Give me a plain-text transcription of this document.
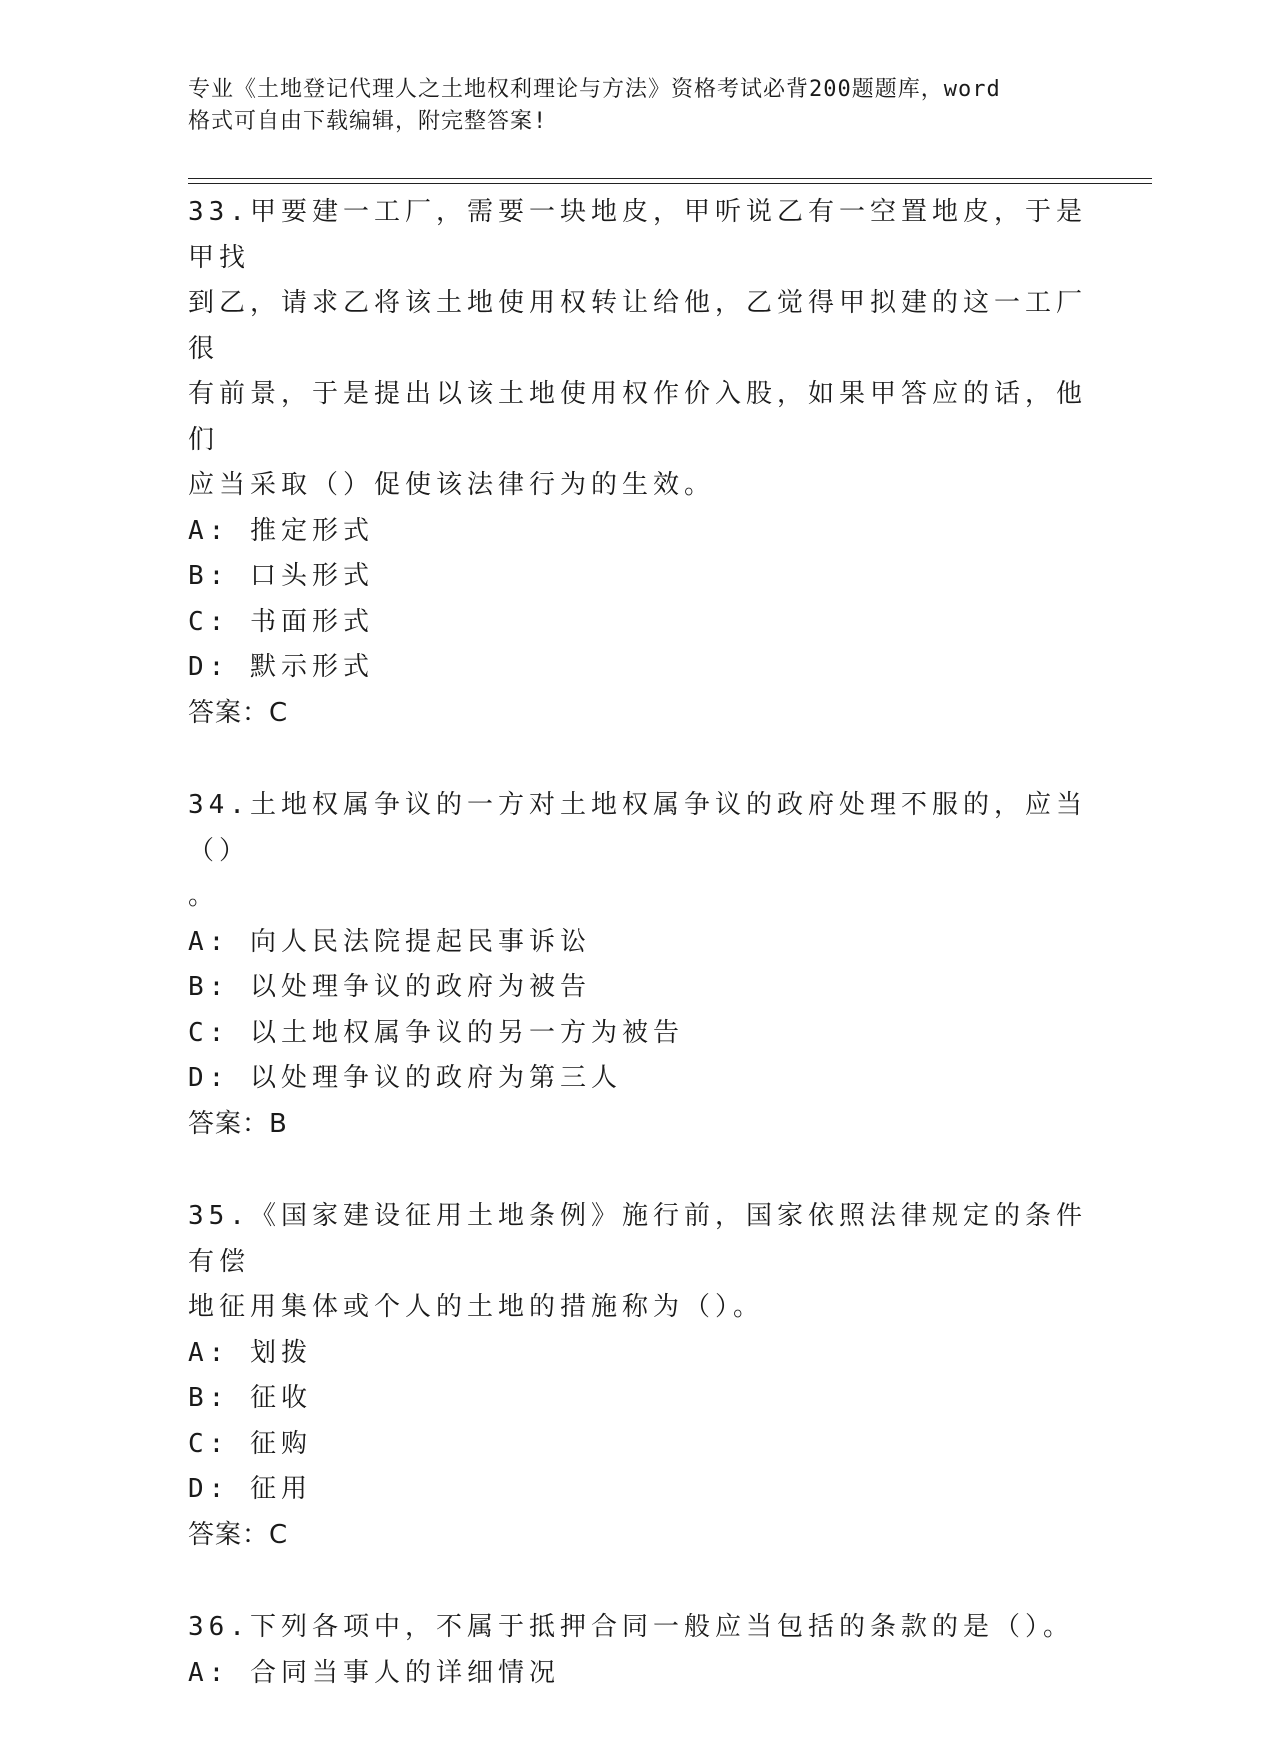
专业《土地登记代理人之土地权利理论与方法》资格考试必背200题题库，word
格式可自由下载编辑，附完整答案!
33.甲要建一工厂，需要一块地皮，甲听说乙有一空置地皮，于是甲找
到乙，请求乙将该土地使用权转让给他，乙觉得甲拟建的这一工厂很
有前景，于是提出以该土地使用权作价入股，如果甲答应的话，他们
应当采取（）促使该法律行为的生效。
A: 推定形式
B: 口头形式
C: 书面形式
D: 默示形式
答案：C
34.土地权属争议的一方对土地权属争议的政府处理不服的，应当（）
。
A: 向人民法院提起民事诉讼
B: 以处理争议的政府为被告
C: 以土地权属争议的另一方为被告
D: 以处理争议的政府为第三人
答案：B
35.《国家建设征用土地条例》施行前，国家依照法律规定的条件有偿
地征用集体或个人的土地的措施称为（）。
A: 划拨
B: 征收
C: 征购
D: 征用
答案：C
36.下列各项中，不属于抵押合同一般应当包括的条款的是（）。
A: 合同当事人的详细情况
